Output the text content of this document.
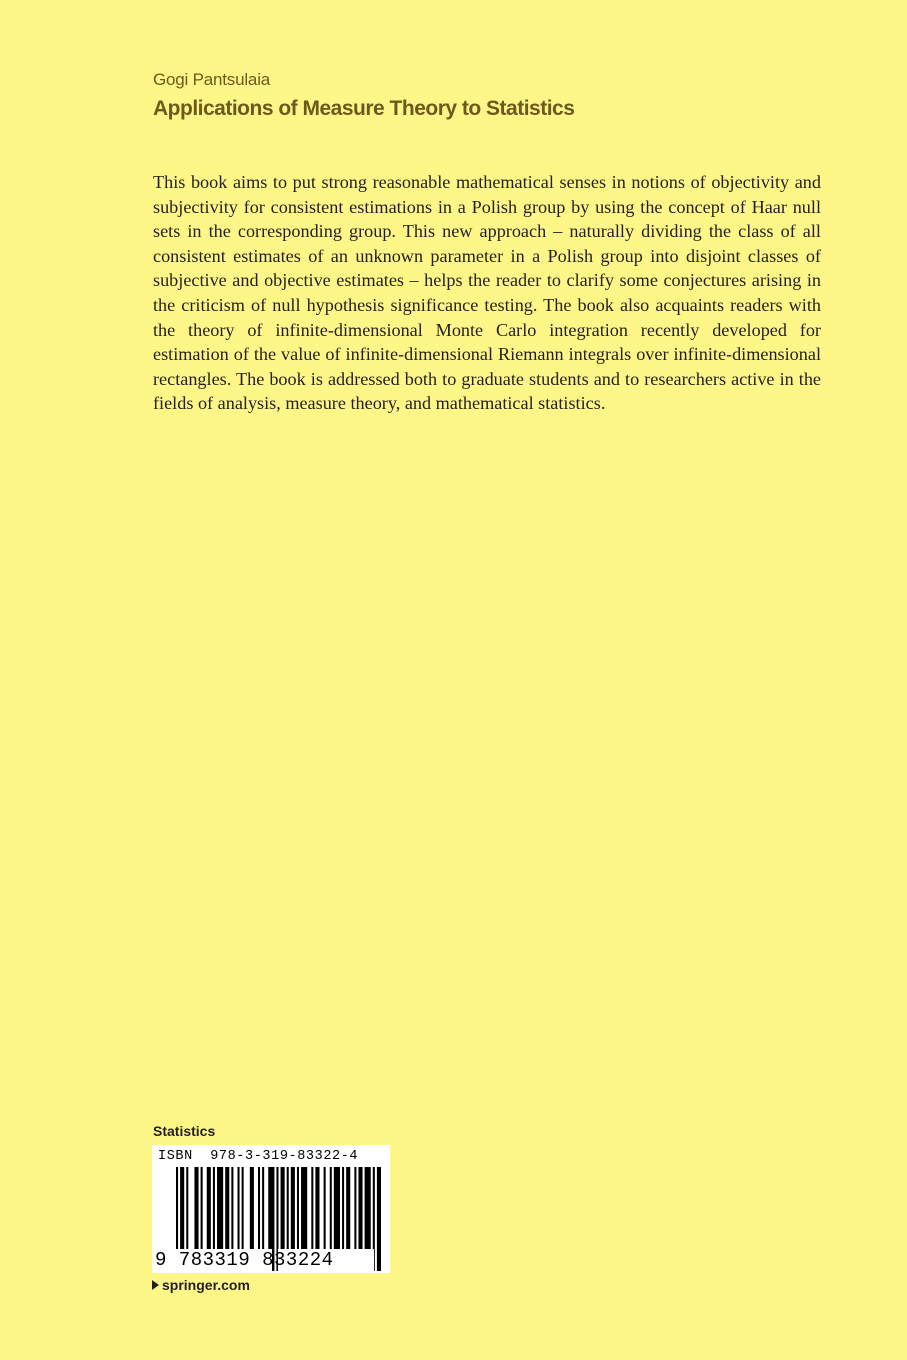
Gogi Pantsulaia
Applications of Measure Theory to Statistics

This book aims to put strong reasonable mathematical senses in notions of objectivity and subjectivity for consistent estimations in a Polish group by using the concept of Haar null sets in the corresponding group. This new approach – naturally dividing the class of all consistent estimates of an unknown parameter in a Polish group into disjoint classes of subjective and objective estimates – helps the reader to clarify some conjectures arising in the criticism of null hypothesis significance testing. The book also acquaints readers with the theory of infinite-dimensional Monte Carlo integration recently developed for estimation of the value of infinite-dimensional Riemann integrals over infinite-dimensional rectangles. The book is addressed both to graduate students and to researchers active in the fields of analysis, measure theory, and mathematical statistics.

Statistics
ISBN  978-3-319-83322-4
9 783319 833224
springer.com
